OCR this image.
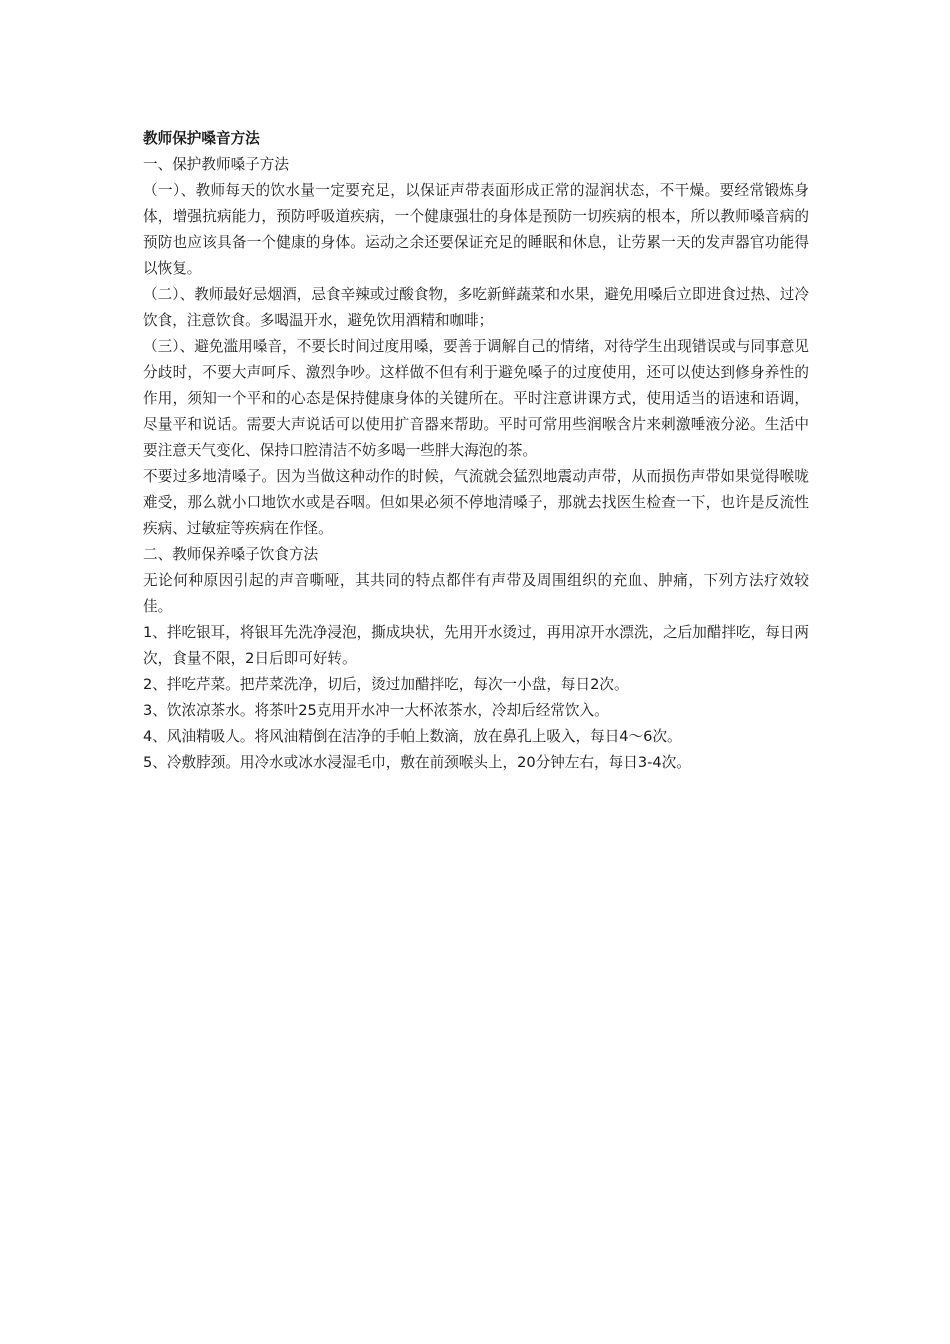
教师保护嗓音方法

一、保护教师嗓子方法

（一）、教师每天的饮水量一定要充足，以保证声带表面形成正常的湿润状态，不干燥。要经常锻炼身体，增强抗病能力，预防呼吸道疾病，一个健康强壮的身体是预防一切疾病的根本，所以教师嗓音病的预防也应该具备一个健康的身体。运动之余还要保证充足的睡眠和休息，让劳累一天的发声器官功能得以恢复。

（二）、教师最好忌烟酒，忌食辛辣或过酸食物，多吃新鲜蔬菜和水果，避免用嗓后立即进食过热、过冷饮食，注意饮食。多喝温开水，避免饮用酒精和咖啡；

（三）、避免滥用嗓音，不要长时间过度用嗓，要善于调解自己的情绪，对待学生出现错误或与同事意见分歧时，不要大声呵斥、激烈争吵。这样做不但有利于避免嗓子的过度使用，还可以使达到修身养性的作用，须知一个平和的心态是保持健康身体的关键所在。平时注意讲课方式，使用适当的语速和语调，尽量平和说话。需要大声说话可以使用扩音器来帮助。平时可常用些润喉含片来刺激唾液分泌。生活中要注意天气变化、保持口腔清洁不妨多喝一些胖大海泡的茶。

不要过多地清嗓子。因为当做这种动作的时候，气流就会猛烈地震动声带，从而损伤声带如果觉得喉咙难受，那么就小口地饮水或是吞咽。但如果必须不停地清嗓子，那就去找医生检查一下，也许是反流性疾病、过敏症等疾病在作怪。

二、教师保养嗓子饮食方法

无论何种原因引起的声音嘶哑，其共同的特点都伴有声带及周围组织的充血、肿痛，下列方法疗效较佳。

1、拌吃银耳，将银耳先洗净浸泡，撕成块状，先用开水烫过，再用凉开水漂洗，之后加醋拌吃，每日两次，食量不限，2日后即可好转。

2、拌吃芹菜。把芹菜洗净，切后，烫过加醋拌吃，每次一小盘，每日2次。

3、饮浓凉茶水。将茶叶25克用开水冲一大杯浓茶水，冷却后经常饮入。

4、风油精吸人。将风油精倒在洁净的手帕上数滴，放在鼻孔上吸入，每日4～6次。

5、冷敷脖颈。用冷水或冰水浸湿毛巾，敷在前颈喉头上，20分钟左右，每日3-4次。
